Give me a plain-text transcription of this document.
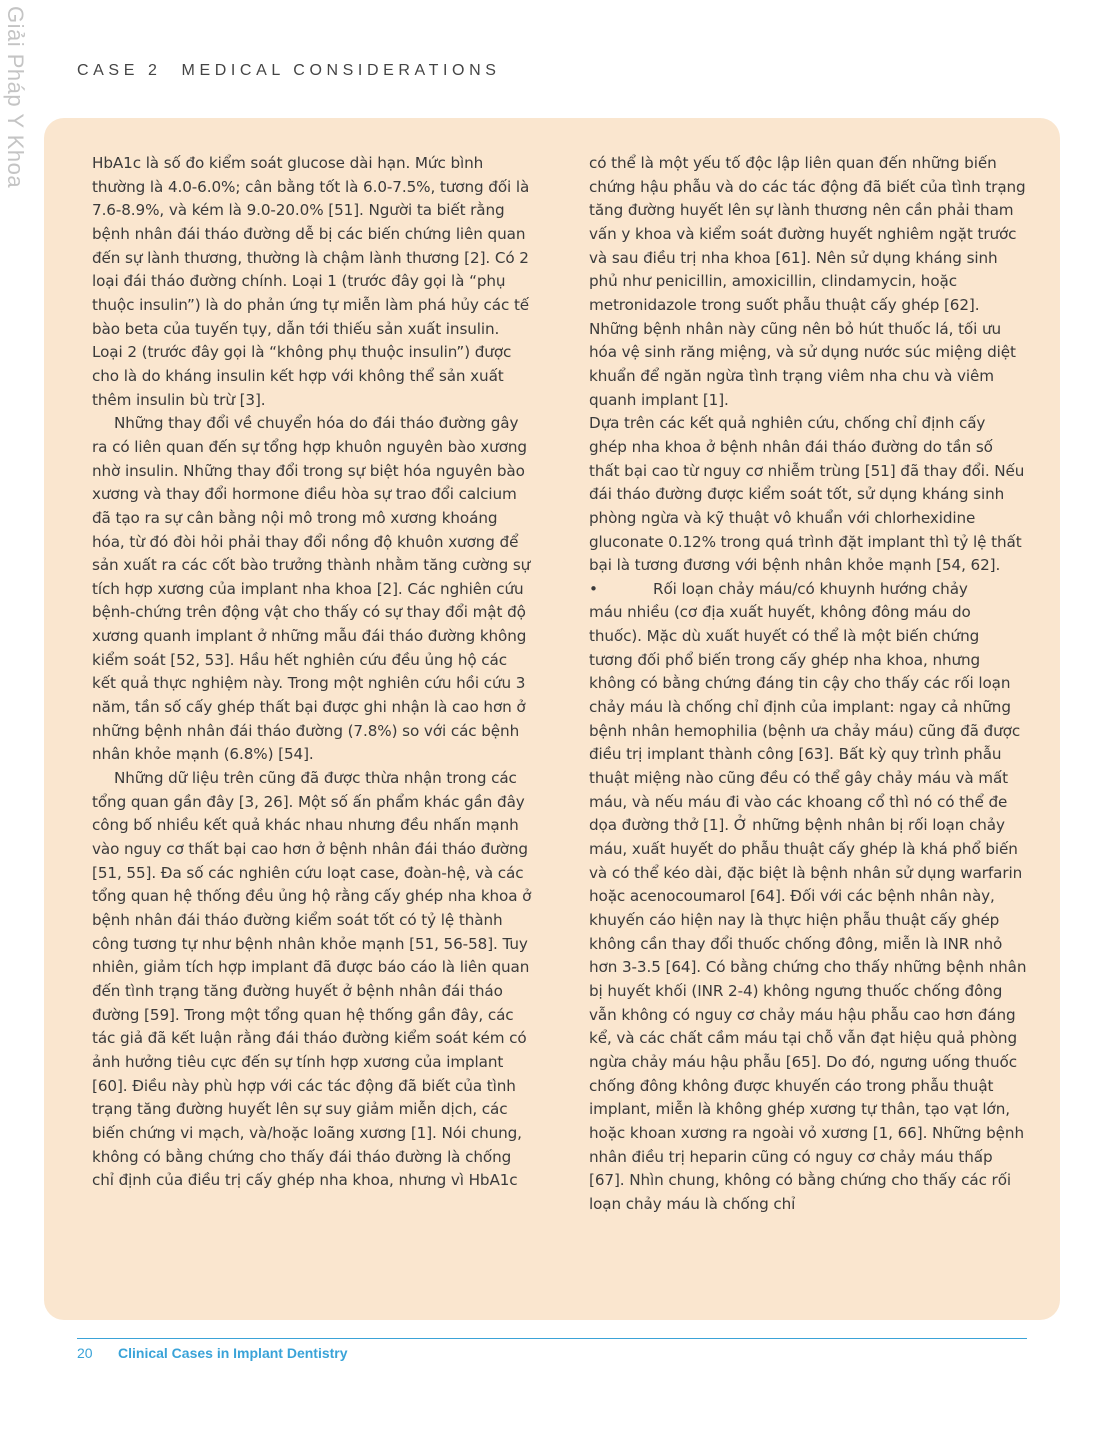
Giải Pháp Y Khoa	CASE 2 MEDICAL CONSIDERATIONS

HbA1c là số đo kiểm soát glucose dài hạn. Mức bình thường là 4.0-6.0%; cân bằng tốt là 6.0-7.5%, tương đối là 7.6-8.9%, và kém là 9.0-20.0% [51]. Người ta biết rằng bệnh nhân đái tháo đường dễ bị các biến chứng liên quan đến sự lành thương, thường là chậm lành thương [2]. Có 2 loại đái tháo đường chính. Loại 1 (trước đây gọi là “phụ thuộc insulin”) là do phản ứng tự miễn làm phá hủy các tế bào beta của tuyến tụy, dẫn tới thiếu sản xuất insulin. Loại 2 (trước đây gọi là “không phụ thuộc insulin”) được cho là do kháng insulin kết hợp với không thể sản xuất thêm insulin bù trừ [3].

Những thay đổi về chuyển hóa do đái tháo đường gây ra có liên quan đến sự tổng hợp khuôn nguyên bào xương nhờ insulin. Những thay đổi trong sự biệt hóa nguyên bào xương và thay đổi hormone điều hòa sự trao đổi calcium đã tạo ra sự cân bằng nội mô trong mô xương khoáng hóa, từ đó đòi hỏi phải thay đổi nồng độ khuôn xương để sản xuất ra các cốt bào trưởng thành nhằm tăng cường sự tích hợp xương của implant nha khoa [2]. Các nghiên cứu bệnh-chứng trên động vật cho thấy có sự thay đổi mật độ xương quanh implant ở những mẫu đái tháo đường không kiểm soát [52, 53]. Hầu hết nghiên cứu đều ủng hộ các kết quả thực nghiệm này. Trong một nghiên cứu hồi cứu 3 năm, tần số cấy ghép thất bại được ghi nhận là cao hơn ở những bệnh nhân đái tháo đường (7.8%) so với các bệnh nhân khỏe mạnh (6.8%) [54].

Những dữ liệu trên cũng đã được thừa nhận trong các tổng quan gần đây [3, 26]. Một số ấn phẩm khác gần đây công bố nhiều kết quả khác nhau nhưng đều nhấn mạnh vào nguy cơ thất bại cao hơn ở bệnh nhân đái tháo đường [51, 55]. Đa số các nghiên cứu loạt case, đoàn-hệ, và các tổng quan hệ thống đều ủng hộ rằng cấy ghép nha khoa ở bệnh nhân đái tháo đường kiểm soát tốt có tỷ lệ thành công tương tự như bệnh nhân khỏe mạnh [51, 56-58]. Tuy nhiên, giảm tích hợp implant đã được báo cáo là liên quan đến tình trạng tăng đường huyết ở bệnh nhân đái tháo đường [59]. Trong một tổng quan hệ thống gần đây, các tác giả đã kết luận rằng đái tháo đường kiểm soát kém có ảnh hưởng tiêu cực đến sự tính hợp xương của implant [60]. Điều này phù hợp với các tác động đã biết của tình trạng tăng đường huyết lên sự suy giảm miễn dịch, các biến chứng vi mạch, và/hoặc loãng xương [1]. Nói chung, không có bằng chứng cho thấy đái tháo đường là chống chỉ định của điều trị cấy ghép nha khoa, nhưng vì HbA1c

có thể là một yếu tố độc lập liên quan đến những biến chứng hậu phẫu và do các tác động đã biết của tình trạng tăng đường huyết lên sự lành thương nên cần phải tham vấn y khoa và kiểm soát đường huyết nghiêm ngặt trước và sau điều trị nha khoa [61]. Nên sử dụng kháng sinh phủ như penicillin, amoxicillin, clindamycin, hoặc metronidazole trong suốt phẫu thuật cấy ghép [62]. Những bệnh nhân này cũng nên bỏ hút thuốc lá, tối ưu hóa vệ sinh răng miệng, và sử dụng nước súc miệng diệt khuẩn để ngăn ngừa tình trạng viêm nha chu và viêm quanh implant [1].

Dựa trên các kết quả nghiên cứu, chống chỉ định cấy ghép nha khoa ở bệnh nhân đái tháo đường do tần số thất bại cao từ nguy cơ nhiễm trùng [51] đã thay đổi. Nếu đái tháo đường được kiểm soát tốt, sử dụng kháng sinh phòng ngừa và kỹ thuật vô khuẩn với chlorhexidine gluconate 0.12% trong quá trình đặt implant thì tỷ lệ thất bại là tương đương với bệnh nhân khỏe mạnh [54, 62].

•	Rối loạn chảy máu/có khuynh hướng chảy

máu nhiều (cơ địa xuất huyết, không đông máu do thuốc). Mặc dù xuất huyết có thể là một biến chứng tương đối phổ biến trong cấy ghép nha khoa, nhưng không có bằng chứng đáng tin cậy cho thấy các rối loạn chảy máu là chống chỉ định của implant: ngay cả những bệnh nhân hemophilia (bệnh ưa chảy máu) cũng đã được điều trị implant thành công [63]. Bất kỳ quy trình phẫu thuật miệng nào cũng đều có thể gây chảy máu và mất máu, và nếu máu đi vào các khoang cổ thì nó có thể đe dọa đường thở [1]. Ở những bệnh nhân bị rối loạn chảy máu, xuất huyết do phẫu thuật cấy ghép là khá phổ biến và có thể kéo dài, đặc biệt là bệnh nhân sử dụng warfarin hoặc acenocoumarol [64]. Đối với các bệnh nhân này, khuyến cáo hiện nay là thực hiện phẫu thuật cấy ghép không cần thay đổi thuốc chống đông, miễn là INR nhỏ hơn 3-3.5 [64]. Có bằng chứng cho thấy những bệnh nhân bị huyết khối (INR 2-4) không ngưng thuốc chống đông vẫn không có nguy cơ chảy máu hậu phẫu cao hơn đáng kể, và các chất cầm máu tại chỗ vẫn đạt hiệu quả phòng ngừa chảy máu hậu phẫu [65]. Do đó, ngưng uống thuốc chống đông không được khuyến cáo trong phẫu thuật implant, miễn là không ghép xương tự thân, tạo vạt lớn, hoặc khoan xương ra ngoài vỏ xương [1, 66]. Những bệnh nhân điều trị heparin cũng có nguy cơ chảy máu thấp [67]. Nhìn chung, không có bằng chứng cho thấy các rối loạn chảy máu là chống chỉ

20 Clinical Cases in Implant Dentistry
